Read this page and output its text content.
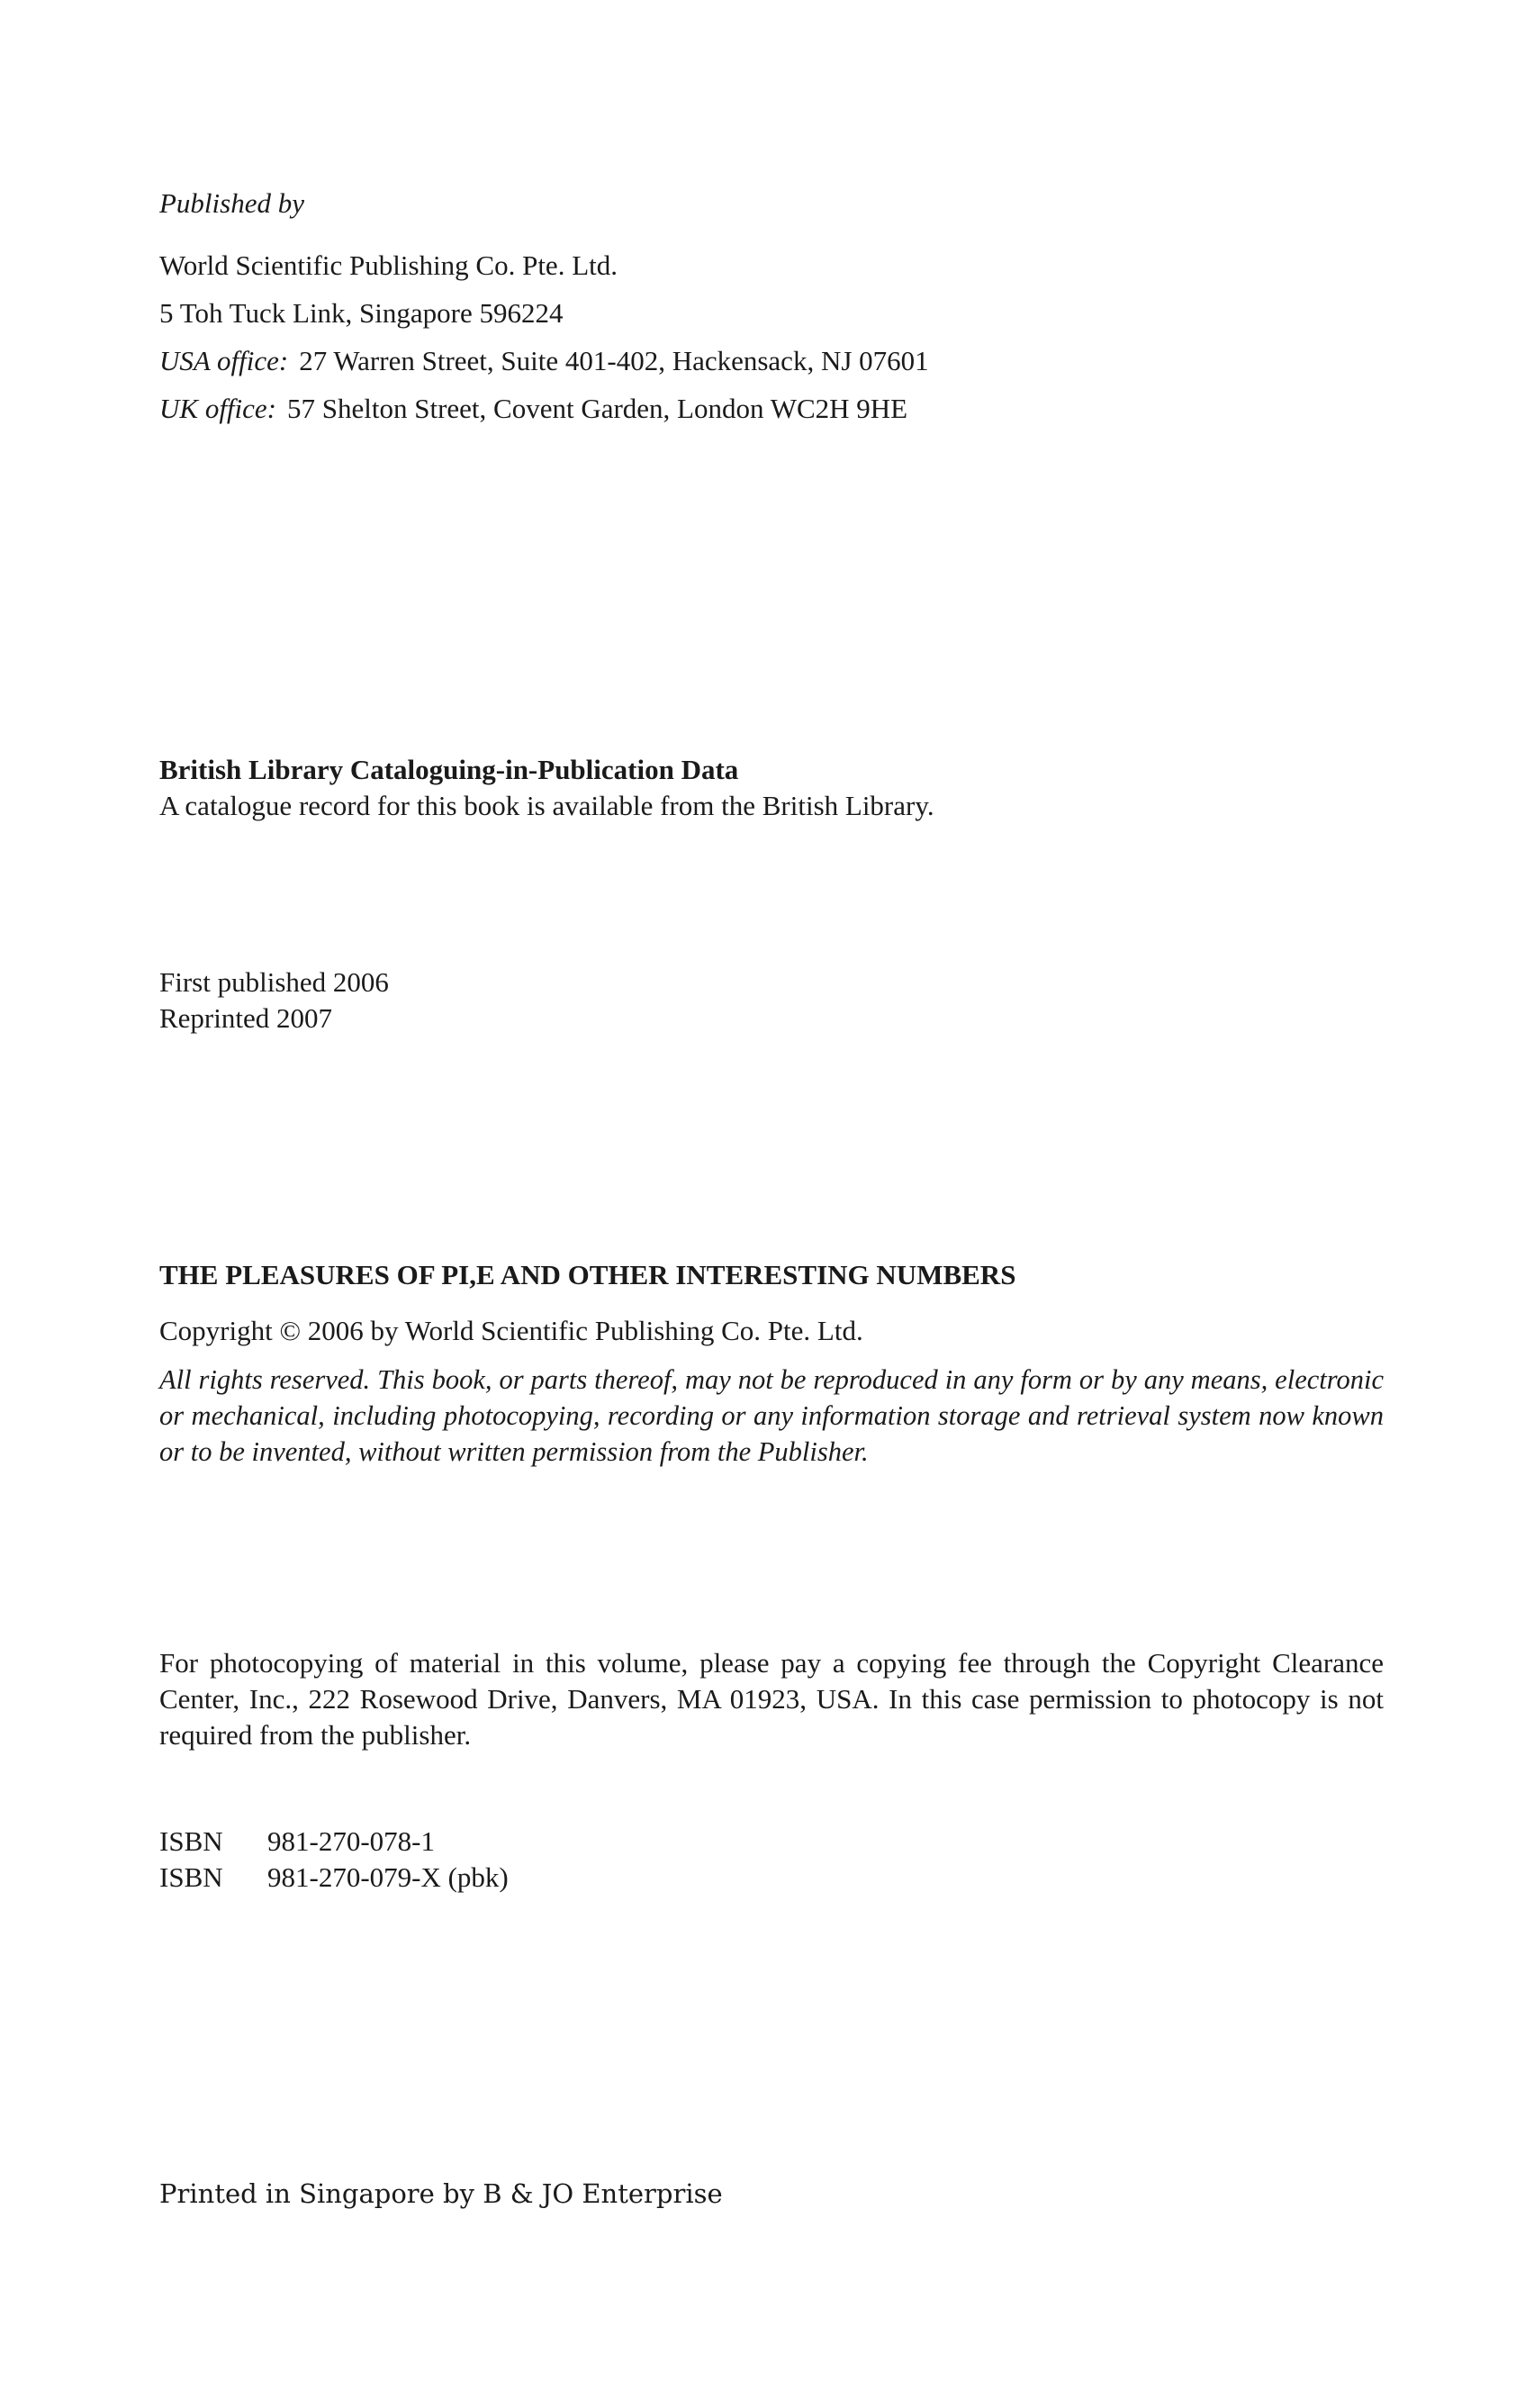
Published by
World Scientific Publishing Co. Pte. Ltd.
5 Toh Tuck Link, Singapore 596224
USA office: 27 Warren Street, Suite 401-402, Hackensack, NJ 07601
UK office: 57 Shelton Street, Covent Garden, London WC2H 9HE
British Library Cataloguing-in-Publication Data
A catalogue record for this book is available from the British Library.
First published 2006
Reprinted 2007
THE PLEASURES OF PI,E AND OTHER INTERESTING NUMBERS
Copyright © 2006 by World Scientific Publishing Co. Pte. Ltd.
All rights reserved. This book, or parts thereof, may not be reproduced in any form or by any means, electronic or mechanical, including photocopying, recording or any information storage and retrieval system now known or to be invented, without written permission from the Publisher.
For photocopying of material in this volume, please pay a copying fee through the Copyright Clearance Center, Inc., 222 Rosewood Drive, Danvers, MA 01923, USA. In this case permission to photocopy is not required from the publisher.
ISBN 981-270-078-1
ISBN 981-270-079-X (pbk)
Printed in Singapore by B & JO Enterprise
